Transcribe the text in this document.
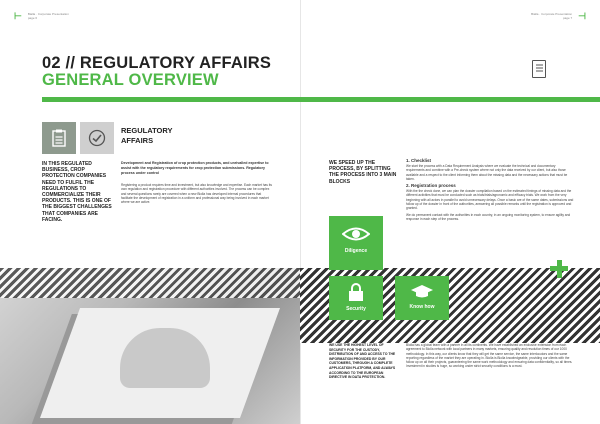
⊢ Bialla · Corporate Presentation
page 6
Bialla · Corporate Presentation
page 7 ⊣
02 // REGULATORY AFFAIRS
GENERAL OVERVIEW
REGULATORY
AFFAIRS
IN THIS REGULATED BUSINESS, CROP PROTECTION COMPANIES NEED TO FULFIL THE REGULATIONS TO COMMERCIALIZE THEIR PRODUCTS. THIS IS ONE OF THE BIGGEST CHALLENGES THAT COMPANIES ARE FACING.
Development and Registration of crop protection products, and unrivalled expertise to assist with the regulatory requirements for crop protection submissions. Regulatory process under control
Registering a product requires time and investment, but also knowledge and expertise. Each market has its own regulation and registration procedure with different authorities involved. The process can be complex and several questions rarely are covered when a new Biolla has developed internal procedures that facilitate the development of registration in a uniform and professional way being involved in each market where we are active.
WE SPEED UP THE PROCESS, BY SPLITTING THE PROCESS INTO 3 MAIN BLOCKS
1. Checklist
We start the process with a Data Requirement Analysis where we evaluate the technical and documentary requirements and combine with a Pre-check system where not only the data received by our client, but also those available and a respect to the client informing them about the missing data and the necessary actions that must be taken.
2. Registration process
With the the check done, we can plan the dossier compilation based on the estimated timings of missing data and the different activities that must be conducted such as trials/trials/agronomic and efficacy trials. We work from the very beginning with all actors in parallel to avoid unnecessary delays. Once a basic are of the same dates, submissions and follow up of the dossier in front of the authorities, answering all possible remarks until the registration is approved and granted.
We do permanent contact with the authorities in each country, in an ongoing monitoring system, to ensure agility and response in each step of the process.
Diligence
Security	Know how
WE USE THE HIGHEST LEVEL OF SECURITY FOR THE CUSTODY, DISTRIBUTION OF AND ACCESS TO THE INFORMATION PROVIDED BY OUR CUSTOMERS, THROUGH A COMPLETE APPLICATION PLATFORM, AND ALWAYS ACCORDING TO THE EUROPEAN DIRECTIVE IN DATA PROTECTION.
Biolla has a global team with a partner in all its continents. We have established an exclusive extension from each agreement to Biolla network with local partners in many markets, ensuring quality and resolution times of our 1000 methodology. In this way, our clients know that they will get the same service, the same interlocutors and the same reporting regardless of the market they are operating in. Biolla is Biolla knowledgeable, providing our clients with the follow up on all their projects, guaranteeing the same work methodology and ensuring data confidentiality, so all times. Investment in studies is huge, so working under strict security conditions is a must.
